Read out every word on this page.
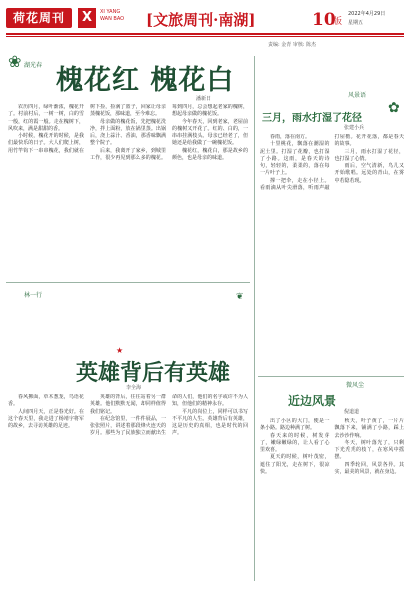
荷花周刊	X	XI YANG
WAN BAO [文旅周刊·南湖]	10
版
2022年4月29日
星期五
责编: 金青 审核: 陈杰
❀
✿
★
❦
湖光春 槐花红 槐花白
潘新日

农历四月，绿叶渐浓，槐花开了。村前村后，一树一树，白的雪一般，红的霞一般。走在槐树下，风吹来，满是甜甜的香。

小时候，槐花开的时候，是我们最快乐的日子。大人们爬上树，用竹竿钩下一串串槐花，我们就在树下捡，捡满了篮子，回家让母亲蒸槐花饭，那味道，至今难忘。

母亲做的槐花饭，先把槐花洗净，拌上面粉，放在锅里蒸。出锅后，浇上蒜汁、香油，那香味飘满整个院子。

后来，我离开了家乡，到城里工作，很少再见到那么多的槐花。每到四月，总会想起老家的槐树，想起母亲做的槐花饭。

今年春天，回到老家，老屋前的槐树又开花了。红的、白的，一串串挂满枝头。母亲已经老了，但她还是给我做了一碗槐花饭。

槐花红，槐花白，那是故乡的颜色，也是母亲的味道。

林一行
英雄背后有英雄
李全海

春风拂面，草木葱茏，鸟语花香。

人间四月天，正是春光好。在这个春天里，我走进了杨靖宇将军的故乡，去寻访英雄的足迹。

英雄的背后，往往站着另一群英雄。他们默默无闻，却同样值得我们铭记。

在纪念馆里，一件件展品，一张张照片，讲述着那段烽火连天的岁月。那些为了民族独立而献出生命的人们，他们的名字或许不为人知，但他们的精神永存。

平凡的岗位上，同样可以书写不平凡的人生。英雄背后有英雄，这是历史的真相，也是时代的回声。

风景语
三月，雨水打湿了花径
张建小兵

春雨，落在南方。

十里桃花，飘落在潮湿的泥土里。打湿了花瓣，也打湿了小路。这雨，是春天的诗句，轻轻的，柔柔的，落在每一片叶子上。

撑一把伞，走在小径上。看雨滴从叶尖滑落，听雨声敲打屋檐。花开花落，都是春天的故事。

三月，雨水打湿了花径，也打湿了心情。

雨后，空气清新，鸟儿又开始歌唱。远处的青山，在雾中若隐若现。

微风尘
近边风景
倪道道

出了小区的大门，便是一条小路。路边种满了树。

春天来的时候，树发芽了，嫩绿嫩绿的，让人看了心里欢喜。

夏天的时候，树叶茂密，遮住了阳光，走在树下，很凉快。

秋天，叶子黄了，一片片飘落下来，铺满了小路，踩上去沙沙作响。

冬天，树叶落光了，只剩下光秃秃的枝丫，在寒风中摇摆。

四季轮回，风景各异。其实，最美的风景，就在身边。
